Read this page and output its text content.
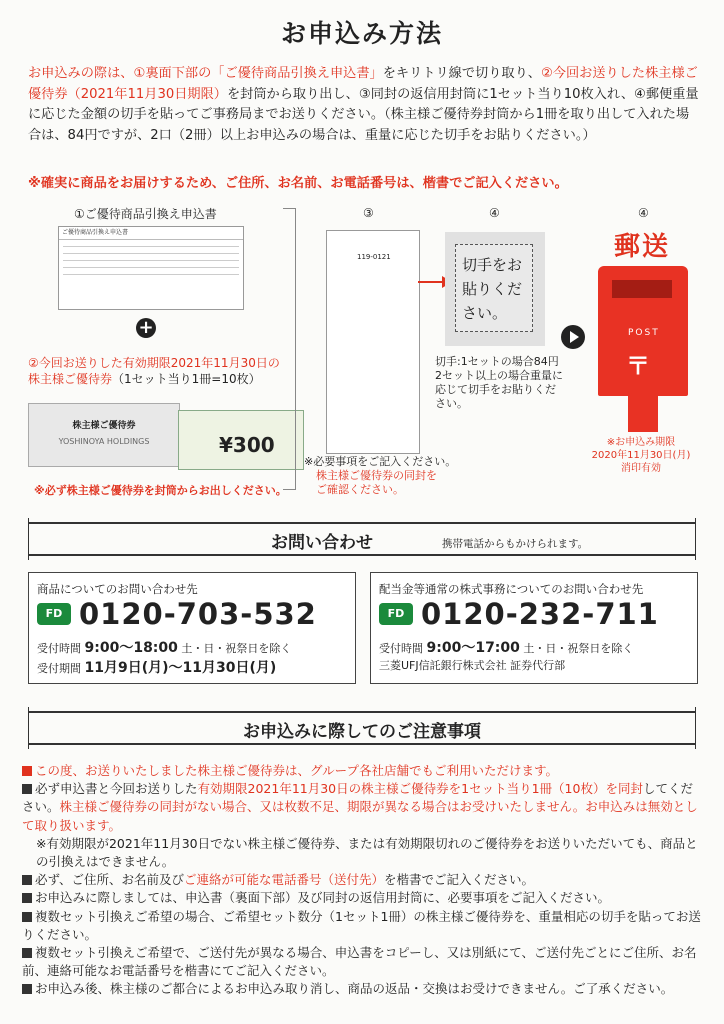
お申込み方法
お申込みの際は、①裏面下部の「ご優待商品引換え申込書」をキリトリ線で切り取り、②今回お送りした株主様ご優待券（2021年11月30日期限）を封筒から取り出し、③同封の返信用封筒に1セット当り10枚入れ、④郵便重量に応じた金額の切手を貼ってご事務局までお送りください。（株主様ご優待券封筒から1冊を取り出して入れた場合は、84円ですが、2口（2冊）以上お申込みの場合は、重量に応じた切手をお貼りください。）
※確実に商品をお届けするため、ご住所、お名前、お電話番号は、楷書でご記入ください。
①ご優待商品引換え申込書
ご優待商品引換え申込書
+
②今回お送りした有効期限2021年11月30日の株主様ご優待券（1セット当り1冊=10枚）
株主様ご優待券
YOSHINOYA HOLDINGS	¥300
※必ず株主様ご優待券を封筒からお出しください。
③
119-0121
※必要事項をご記入ください。
株主様ご優待券の同封をご確認ください。
④
切手をお貼りください。
切手:1セットの場合84円 2セット以上の場合重量に応じて切手をお貼りください。
④
郵送
POST
〒
※お申込み期限
2020年11月30日(月)
消印有効
お問い合わせ	携帯電話からもかけられます。
商品についてのお問い合わせ先
FD 0120-703-532
受付時間 9:00〜18:00 土・日・祝祭日を除く
受付期間 11月9日(月)〜11月30日(月)
配当金等通常の株式事務についてのお問い合わせ先
FD 0120-232-711
受付時間 9:00〜17:00 土・日・祝祭日を除く
三菱UFJ信託銀行株式会社 証券代行部
お申込みに際してのご注意事項

この度、お送りいたしました株主様ご優待券は、グループ各社店舗でもご利用いただけます。

必ず申込書と今回お送りした有効期限2021年11月30日の株主様ご優待券を1セット当り1冊（10枚）を同封してください。株主様ご優待券の同封がない場合、又は枚数不足、期限が異なる場合はお受けいたしません。お申込みは無効として取り扱います。

※有効期限が2021年11月30日でない株主様ご優待券、または有効期限切れのご優待券をお送りいただいても、商品との引換えはできません。

必ず、ご住所、お名前及びご連絡が可能な電話番号（送付先）を楷書でご記入ください。

お申込みに際しましては、申込書（裏面下部）及び同封の返信用封筒に、必要事項をご記入ください。

複数セット引換えご希望の場合、ご希望セット数分（1セット1冊）の株主様ご優待券を、重量相応の切手を貼ってお送りください。

複数セット引換えご希望で、ご送付先が異なる場合、申込書をコピーし、又は別紙にて、ご送付先ごとにご住所、お名前、連絡可能なお電話番号を楷書にてご記入ください。

お申込み後、株主様のご都合によるお申込み取り消し、商品の返品・交換はお受けできません。ご了承ください。
